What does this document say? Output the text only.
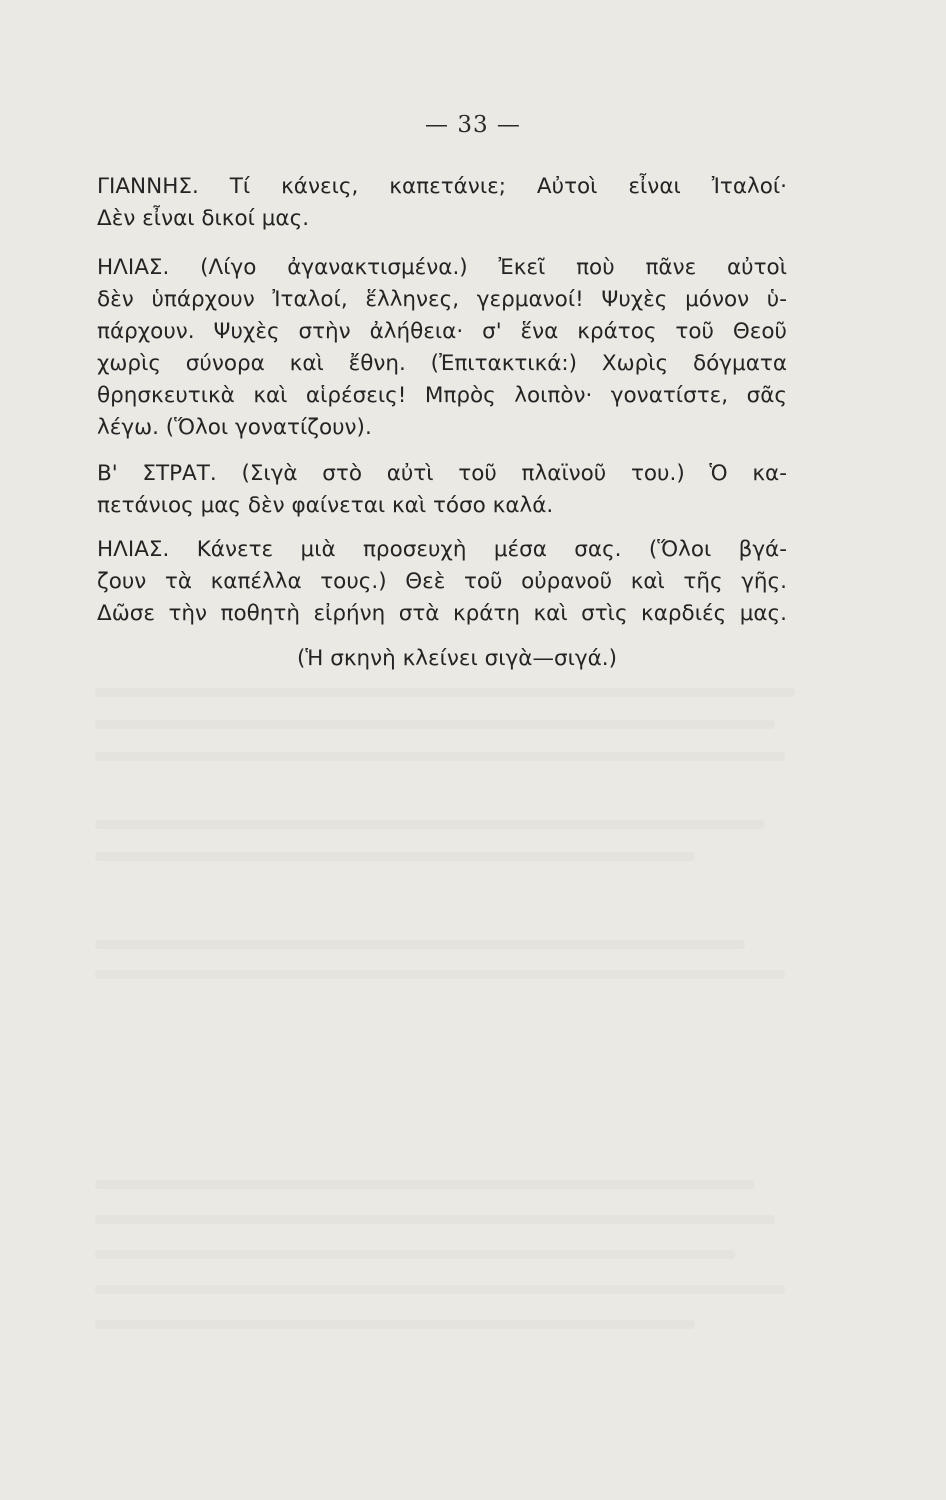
— 33 —
ΓΙΑΝΝΗΣ. Τί κάνεις, καπετάνιε; Αὐτοὶ εἶναι Ἰταλοί·
Δὲν εἶναι δικοί μας.
ΗΛΙΑΣ. (Λίγο ἀγανακτισμένα.) Ἐκεῖ ποὺ πᾶνε αὐτοὶ
δὲν ὑπάρχουν Ἰταλοί, ἕλληνες, γερμανοί! Ψυχὲς μόνον ὑ-
πάρχουν. Ψυχὲς στὴν ἀλήθεια· σ' ἕνα κράτος τοῦ Θεοῦ
χωρὶς σύνορα καὶ ἔθνη. (Ἐπιτακτικά:) Χωρὶς δόγματα
θρησκευτικὰ καὶ αἱρέσεις! Μπρὸς λοιπὸν· γονατίστε, σᾶς
λέγω. (Ὅλοι γονατίζουν).
Β' ΣΤΡΑΤ. (Σιγὰ στὸ αὐτὶ τοῦ πλαϊνοῦ του.) Ὁ κα-
πετάνιος μας δὲν φαίνεται καὶ τόσο καλά.
ΗΛΙΑΣ. Κάνετε μιὰ προσευχὴ μέσα σας. (Ὅλοι βγά-
ζουν τὰ καπέλλα τους.) Θεὲ τοῦ οὐρανοῦ καὶ τῆς γῆς.
Δῶσε τὴν ποθητὴ εἰρήνη στὰ κράτη καὶ στὶς καρδιές μας.
(Ἡ σκηνὴ κλείνει σιγὰ—σιγά.)
